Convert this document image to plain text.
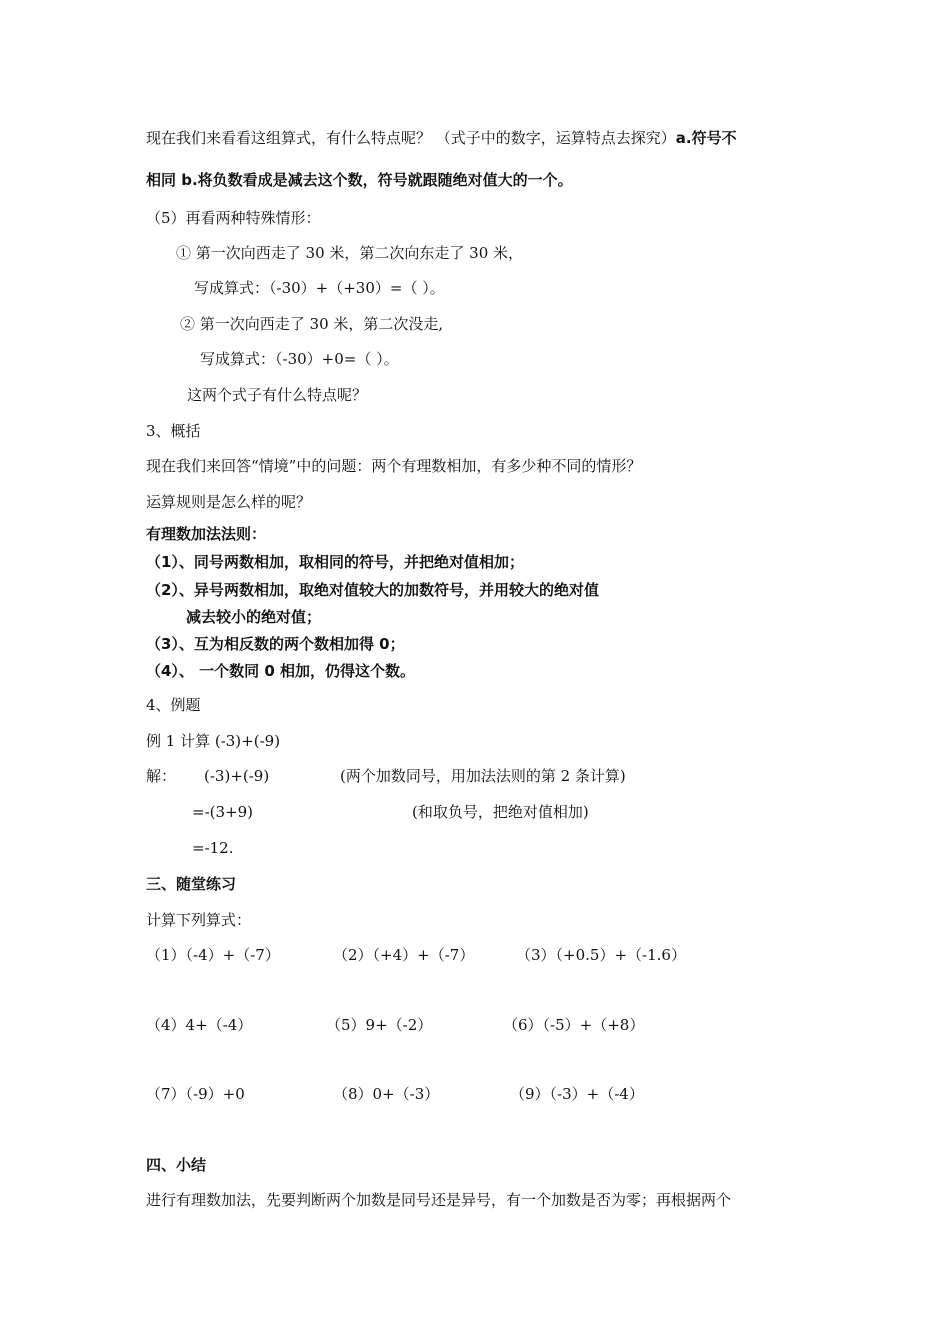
现在我们来看看这组算式，有什么特点呢？ （式子中的数字，运算特点去探究）a.符号不
相同 b.将负数看成是减去这个数，符号就跟随绝对值大的一个。
（5）再看两种特殊情形：
① 第一次向西走了 30 米，第二次向东走了 30 米，
写成算式：（-30）+（+30）=（ ）。
② 第一次向西走了 30 米，第二次没走,
写成算式：（-30）+0=（ ）。
这两个式子有什么特点呢？
3、概括
现在我们来回答“情境”中的问题：两个有理数相加，有多少种不同的情形？
运算规则是怎么样的呢？
有理数加法法则：
（1）、同号两数相加，取相同的符号，并把绝对值相加；
（2）、异号两数相加，取绝对值较大的加数符号，并用较大的绝对值
减去较小的绝对值；
（3）、互为相反数的两个数相加得 0；
（4）、 一个数同 0 相加，仍得这个数。
4、例题
例 1 计算 (-3)+(-9)
解： (-3)+(-9)	(两个加数同号，用加法法则的第 2 条计算)
=-(3+9)	(和取负号，把绝对值相加)
=-12.
三、随堂练习
计算下列算式：
（1）（-4）+（-7）	（2）（+4）+（-7）	（3）（+0.5）+（-1.6）
（4）4+（-4）	（5）9+（-2）	（6）（-5）+（+8）
（7）（-9）+0	（8）0+（-3）	（9）（-3）+（-4）
四、小结
进行有理数加法，先要判断两个加数是同号还是异号，有一个加数是否为零；再根据两个
